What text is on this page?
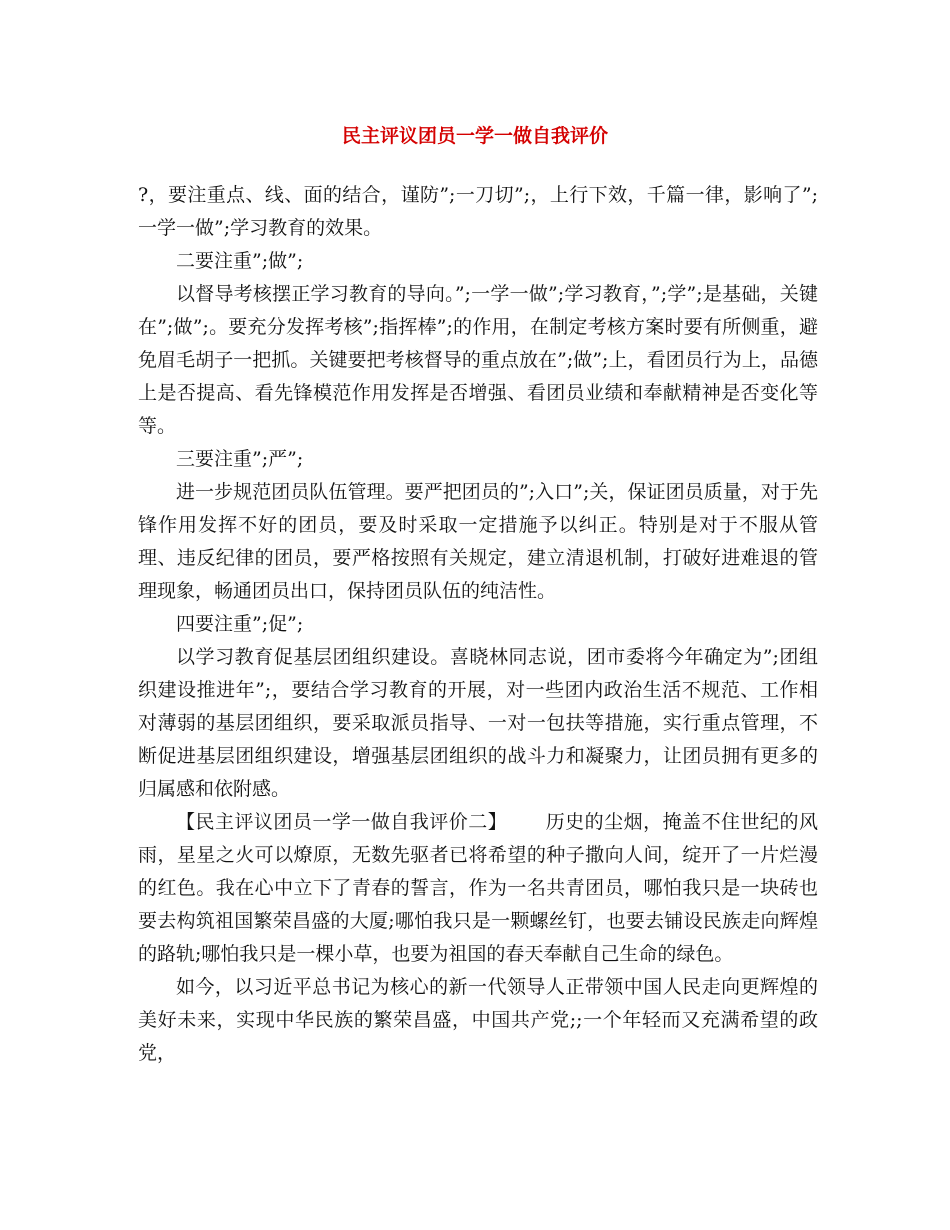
民主评议团员一学一做自我评价

?，要注重点、线、面的结合，谨防”;一刀切”;，上行下效，千篇一律，影响了”;一学一做”;学习教育的效果。

二要注重”;做”;

以督导考核摆正学习教育的导向。”;一学一做”;学习教育，”;学”;是基础，关键在”;做”;。要充分发挥考核”;指挥棒”;的作用，在制定考核方案时要有所侧重，避免眉毛胡子一把抓。关键要把考核督导的重点放在”;做”;上，看团员行为上，品德上是否提高、看先锋模范作用发挥是否增强、看团员业绩和奉献精神是否变化等等。

三要注重”;严”;

进一步规范团员队伍管理。要严把团员的”;入口”;关，保证团员质量，对于先锋作用发挥不好的团员，要及时采取一定措施予以纠正。特别是对于不服从管理、违反纪律的团员，要严格按照有关规定，建立清退机制，打破好进难退的管理现象，畅通团员出口，保持团员队伍的纯洁性。

四要注重”;促”;

以学习教育促基层团组织建设。喜晓林同志说，团市委将今年确定为”;团组织建设推进年”;，要结合学习教育的开展，对一些团内政治生活不规范、工作相对薄弱的基层团组织，要采取派员指导、一对一包扶等措施，实行重点管理，不断促进基层团组织建设，增强基层团组织的战斗力和凝聚力，让团员拥有更多的归属感和依附感。

【民主评议团员一学一做自我评价二】 历史的尘烟，掩盖不住世纪的风雨，星星之火可以燎原，无数先驱者已将希望的种子撒向人间，绽开了一片烂漫的红色。我在心中立下了青春的誓言，作为一名共青团员，哪怕我只是一块砖也要去构筑祖国繁荣昌盛的大厦;哪怕我只是一颗螺丝钉，也要去铺设民族走向辉煌的路轨;哪怕我只是一棵小草，也要为祖国的春天奉献自己生命的绿色。

如今，以习近平总书记为核心的新一代领导人正带领中国人民走向更辉煌的美好未来，实现中华民族的繁荣昌盛，中国共产党;;一个年轻而又充满希望的政党，
